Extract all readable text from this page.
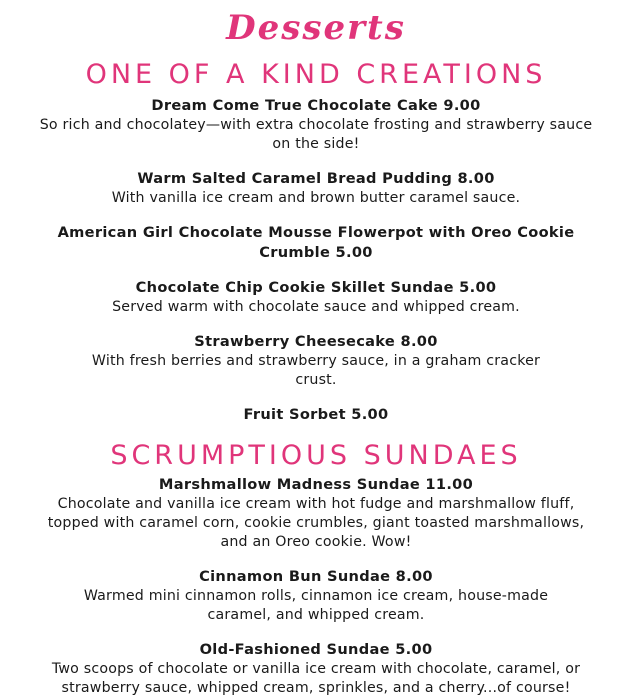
Desserts
ONE OF A KIND CREATIONS
Dream Come True Chocolate Cake 9.00
So rich and chocolatey—with extra chocolate frosting and strawberry sauce on the side!
Warm Salted Caramel Bread Pudding 8.00
With vanilla ice cream and brown butter caramel sauce.
American Girl Chocolate Mousse Flowerpot with Oreo Cookie Crumble 5.00
Chocolate Chip Cookie Skillet Sundae 5.00
Served warm with chocolate sauce and whipped cream.
Strawberry Cheesecake 8.00
With fresh berries and strawberry sauce, in a graham cracker crust.
Fruit Sorbet 5.00
SCRUMPTIOUS SUNDAES
Marshmallow Madness Sundae 11.00
Chocolate and vanilla ice cream with hot fudge and marshmallow fluff, topped with caramel corn, cookie crumbles, giant toasted marshmallows, and an Oreo cookie. Wow!
Cinnamon Bun Sundae 8.00
Warmed mini cinnamon rolls, cinnamon ice cream, house-made caramel, and whipped cream.
Old-Fashioned Sundae 5.00
Two scoops of chocolate or vanilla ice cream with chocolate, caramel, or strawberry sauce, whipped cream, sprinkles, and a cherry...of course!
